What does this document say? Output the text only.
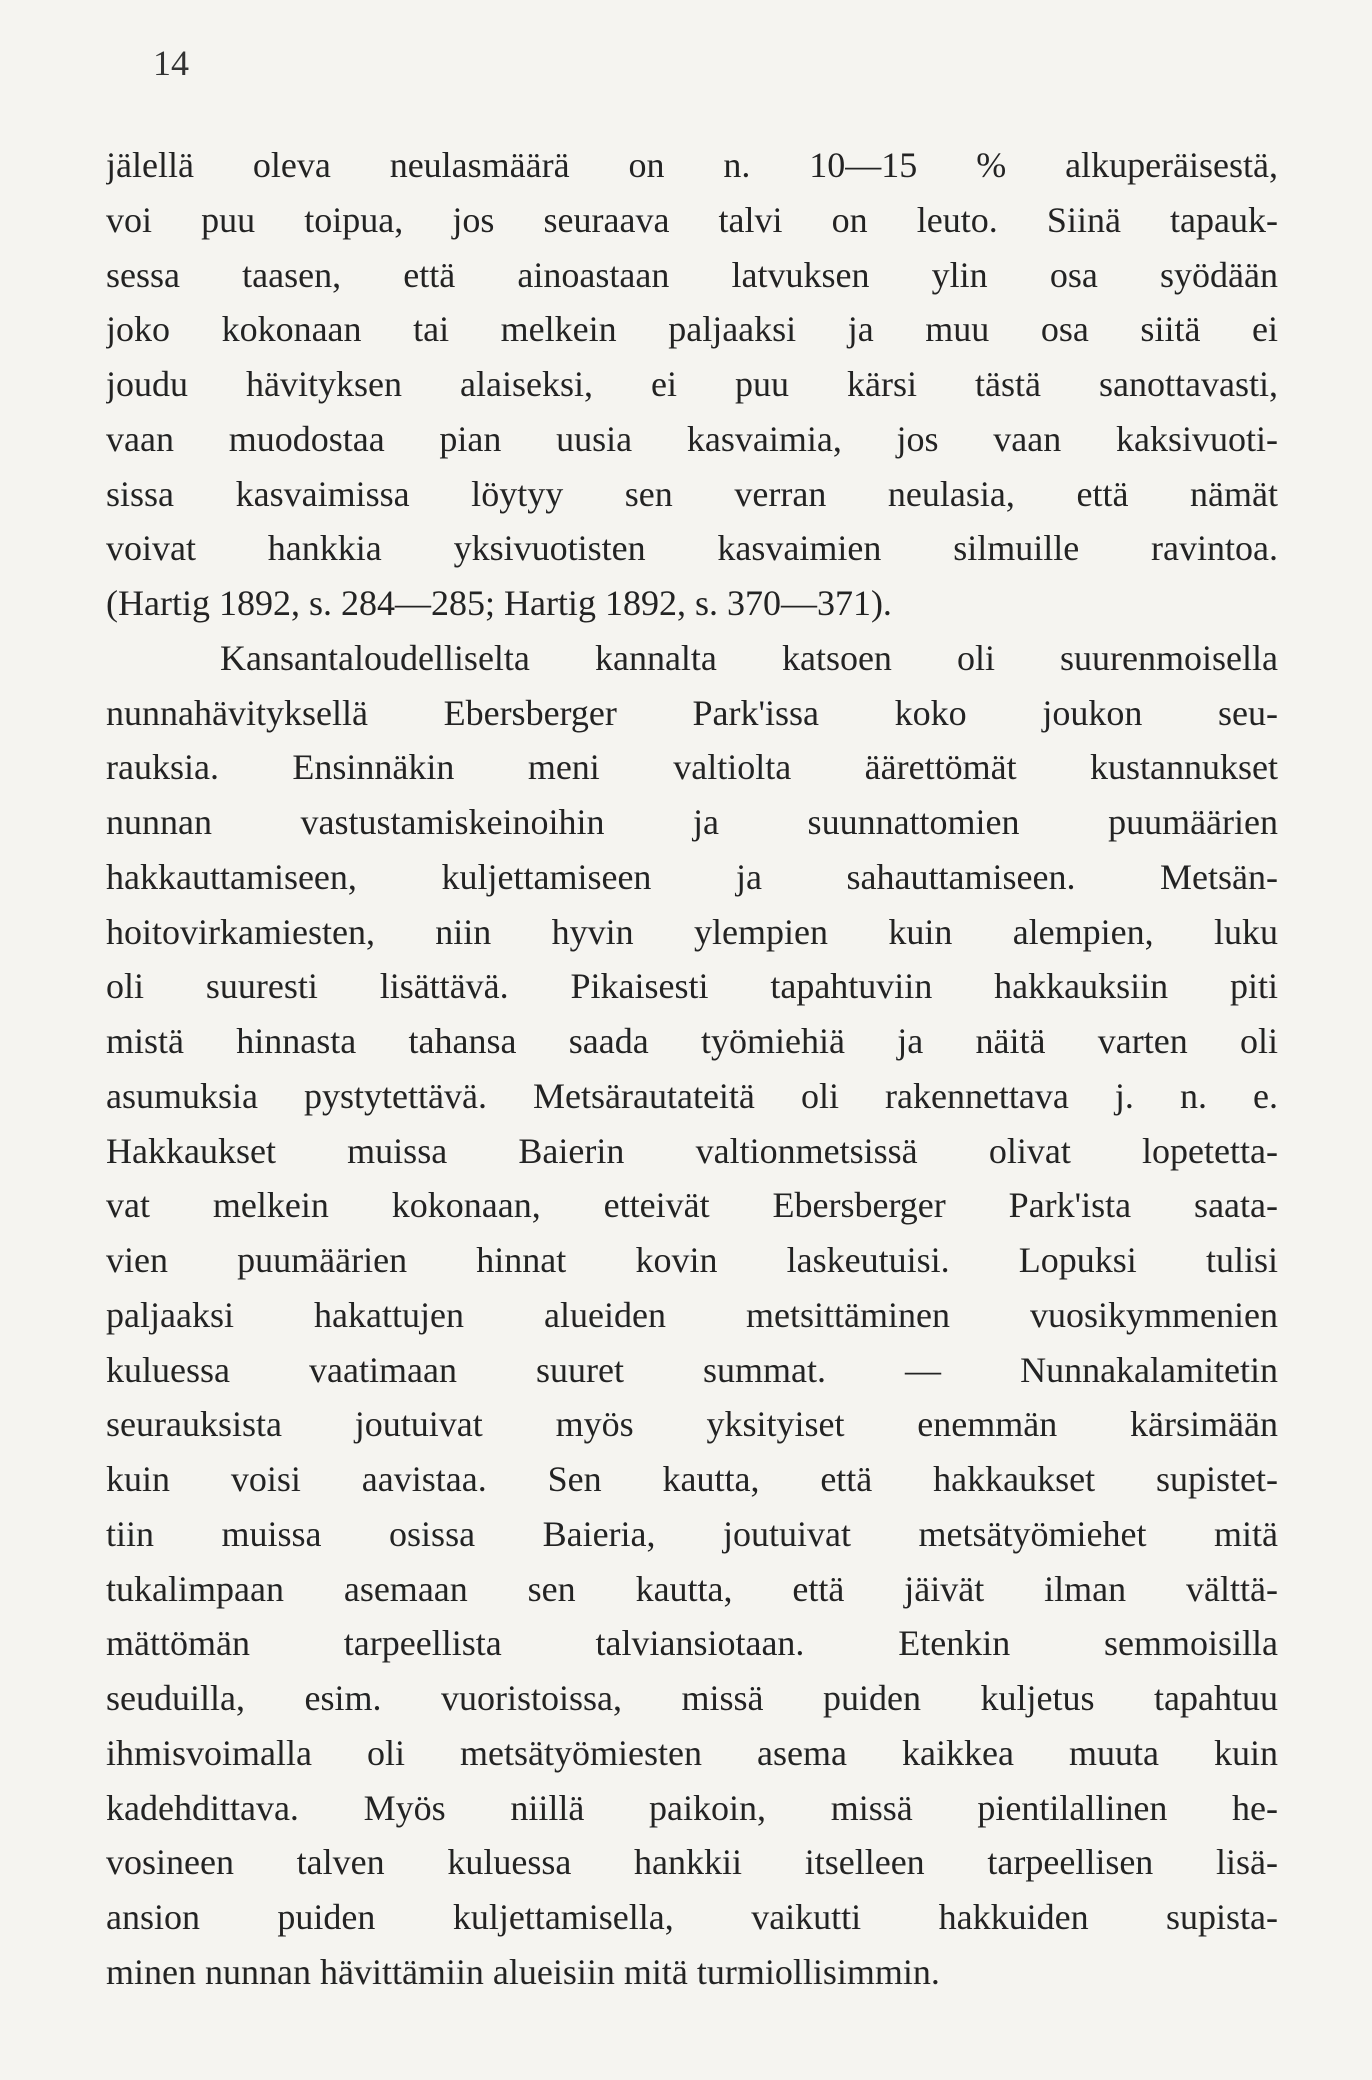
14
jälellä oleva neulasmäärä on n. 10—15 % alkuperäisestä,
voi puu toipua, jos seuraava talvi on leuto. Siinä tapauk-
sessa taasen, että ainoastaan latvuksen ylin osa syödään
joko kokonaan tai melkein paljaaksi ja muu osa siitä ei
joudu hävityksen alaiseksi, ei puu kärsi tästä sanottavasti,
vaan muodostaa pian uusia kasvaimia, jos vaan kaksivuoti-
sissa kasvaimissa löytyy sen verran neulasia, että nämät
voivat hankkia yksivuotisten kasvaimien silmuille ravintoa.
(Hartig 1892, s. 284—285; Hartig 1892, s. 370—371).
Kansantaloudelliselta kannalta katsoen oli suurenmoisella
nunnahävityksellä Ebersberger Park'issa koko joukon seu-
rauksia. Ensinnäkin meni valtiolta äärettömät kustannukset
nunnan vastustamiskeinoihin ja suunnattomien puumäärien
hakkauttamiseen, kuljettamiseen ja sahauttamiseen. Metsän-
hoitovirkamiesten, niin hyvin ylempien kuin alempien, luku
oli suuresti lisättävä. Pikaisesti tapahtuviin hakkauksiin piti
mistä hinnasta tahansa saada työmiehiä ja näitä varten oli
asumuksia pystytettävä. Metsärautateitä oli rakennettava j. n. e.
Hakkaukset muissa Baierin valtionmetsissä olivat lopetetta-
vat melkein kokonaan, etteivät Ebersberger Park'ista saata-
vien puumäärien hinnat kovin laskeutuisi. Lopuksi tulisi
paljaaksi hakattujen alueiden metsittäminen vuosikymmenien
kuluessa vaatimaan suuret summat. — Nunnakalamitetin
seurauksista joutuivat myös yksityiset enemmän kärsimään
kuin voisi aavistaa. Sen kautta, että hakkaukset supistet-
tiin muissa osissa Baieria, joutuivat metsätyömiehet mitä
tukalimpaan asemaan sen kautta, että jäivät ilman välttä-
mättömän tarpeellista talviansiotaan. Etenkin semmoisilla
seuduilla, esim. vuoristoissa, missä puiden kuljetus tapahtuu
ihmisvoimalla oli metsätyömiesten asema kaikkea muuta kuin
kadehdittava. Myös niillä paikoin, missä pientilallinen he-
vosineen talven kuluessa hankkii itselleen tarpeellisen lisä-
ansion puiden kuljettamisella, vaikutti hakkuiden supista-
minen nunnan hävittämiin alueisiin mitä turmiollisimmin.
